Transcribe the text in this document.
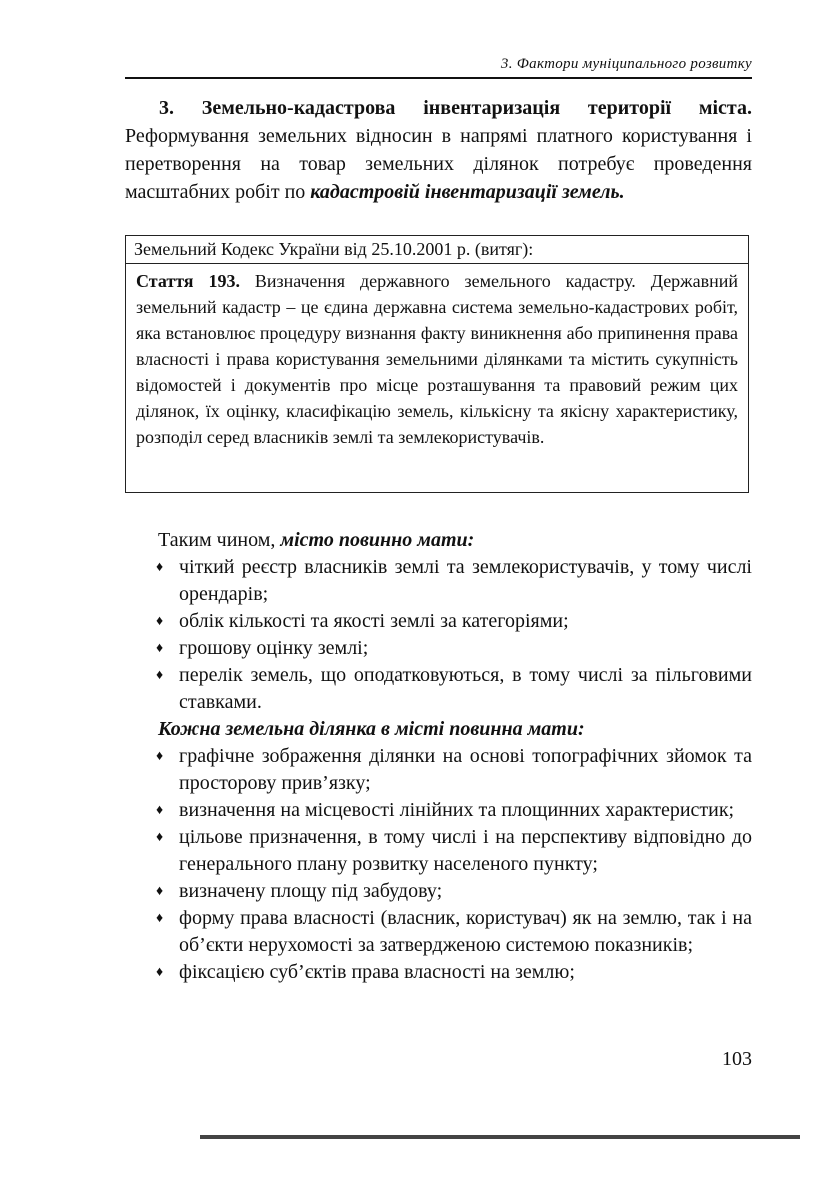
3. Фактори муніципального розвитку
3. Земельно-кадастрова інвентаризація території міста. Реформування земельних відносин в напрямі платного користування і перетворення на товар земельних ділянок потребує проведення масштабних робіт по кадастровій інвентаризації земель.
Земельний Кодекс України від 25.10.2001 р. (витяг):
Стаття 193. Визначення державного земельного кадастру. Державний земельний кадастр – це єдина державна система земельно-кадастрових робіт, яка встановлює процедуру визнання факту виникнення або припинення права власності і права користування земельними ділянками та містить сукупність відомостей і документів про місце розташування та правовий режим цих ділянок, їх оцінку, класифікацію земель, кількісну та якісну характеристику, розподіл серед власників землі та землекористувачів.
Таким чином, місто повинно мати:
♦ чіткий реєстр власників землі та землекористувачів, у тому числі орендарів;
♦ облік кількості та якості землі за категоріями;
♦ грошову оцінку землі;
♦ перелік земель, що оподатковуються, в тому числі за пільговими ставками.
Кожна земельна ділянка в місті повинна мати:
♦ графічне зображення ділянки на основі топографічних зйомок та просторову прив’язку;
♦ визначення на місцевості лінійних та площинних характеристик;
♦ цільове призначення, в тому числі і на перспективу відповідно до генерального плану розвитку населеного пункту;
♦ визначену площу під забудову;
♦ форму права власності (власник, користувач) як на землю, так і на об’єкти нерухомості за затвердженою системою показників;
♦ фіксацією суб’єктів права власності на землю;
103
